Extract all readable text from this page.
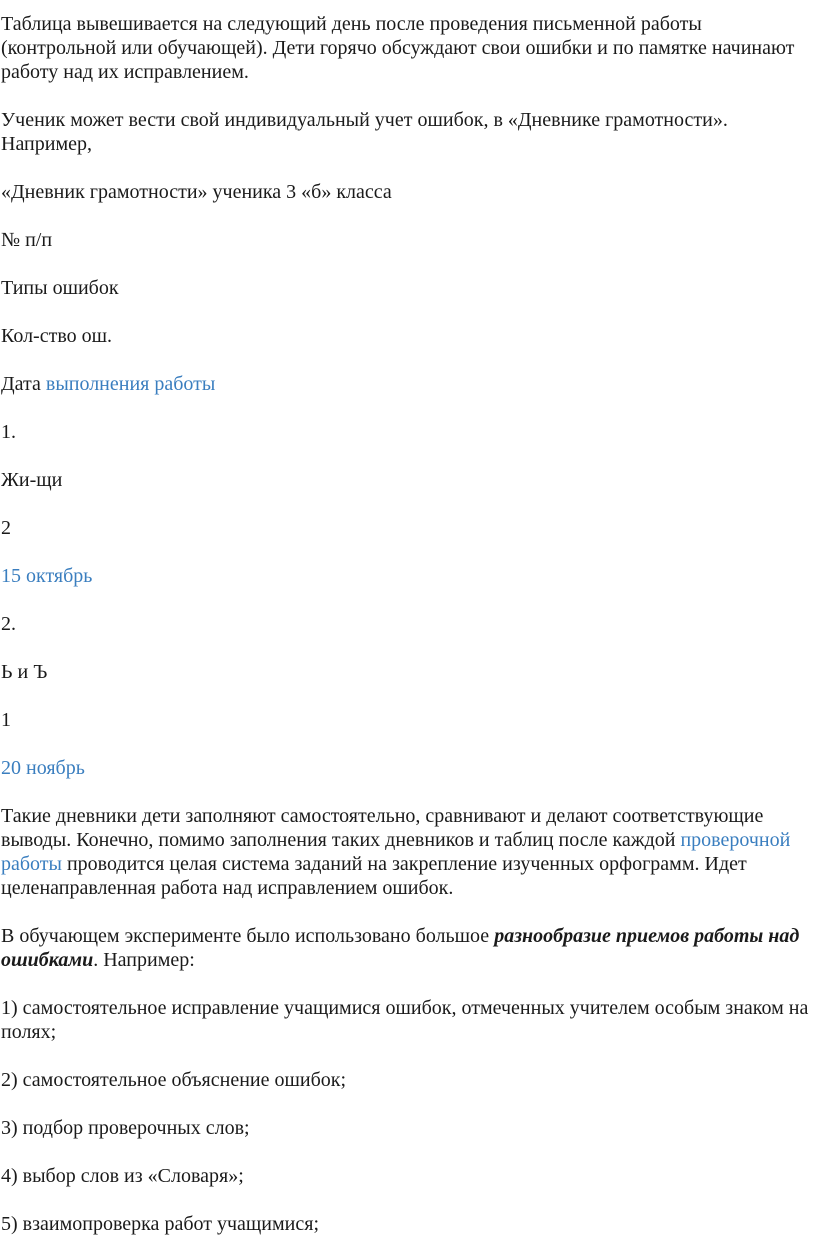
Таблица вывешивается на следующий день после проведения письменной работы (контрольной или обучающей). Дети горячо обсуждают свои ошибки и по памятке начинают работу над их исправлением.

Ученик может вести свой индивидуальный учет ошибок, в «Дневнике грамотности». Например,

«Дневник грамотности» ученика 3 «б» класса

№ п/п

Типы ошибок

Кол-ство ош.

Дата выполнения работы

1.

Жи-щи

2

15 октябрь

2.

Ь и Ъ

1

20 ноябрь

Такие дневники дети заполняют самостоятельно, сравнивают и делают соответствующие выводы. Конечно, помимо заполнения таких дневников и таблиц после каждой проверочной работы проводится целая система заданий на закрепление изученных орфограмм. Идет целенаправленная работа над исправлением ошибок.

В обучающем эксперименте было использовано большое разнообразие приемов работы над ошибками. Например:

1) самостоятельное исправление учащимися ошибок, отмеченных учителем особым знаком на полях;

2) самостоятельное объяснение ошибок;

3) подбор проверочных слов;

4) выбор слов из «Словаря»;

5) взаимопроверка работ учащимися;
